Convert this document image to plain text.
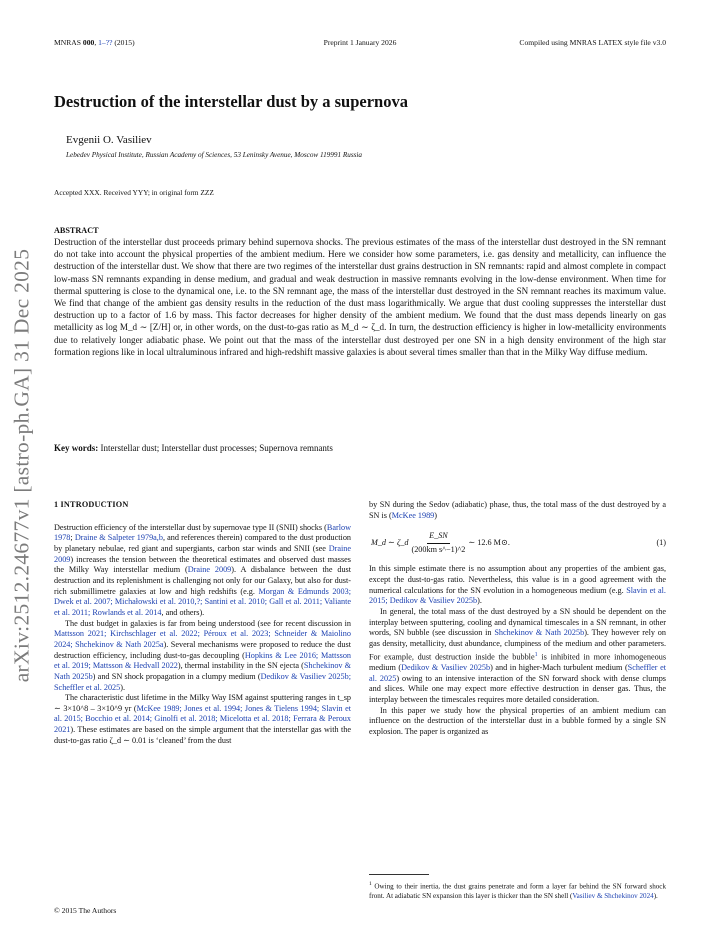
MNRAS 000, 1–?? (2015)	Preprint 1 January 2026	Compiled using MNRAS LATEX style file v3.0
Destruction of the interstellar dust by a supernova
Evgenii O. Vasiliev
Lebedev Physical Institute, Russian Academy of Sciences, 53 Leninsky Avenue, Moscow 119991 Russia
Accepted XXX. Received YYY; in original form ZZZ
arXiv:2512.24677v1 [astro-ph.GA] 31 Dec 2025
ABSTRACT
Destruction of the interstellar dust proceeds primary behind supernova shocks. The previous estimates of the mass of the interstellar dust destroyed in the SN remnant do not take into account the physical properties of the ambient medium. Here we consider how some parameters, i.e. gas density and metallicity, can influence the destruction of the interstellar dust. We show that there are two regimes of the interstellar dust grains destruction in SN remnants: rapid and almost complete in compact low-mass SN remnants expanding in dense medium, and gradual and weak destruction in massive remnants evolving in the low-dense environment. When time for thermal sputtering is close to the dynamical one, i.e. to the SN remnant age, the mass of the interstellar dust destroyed in the SN remnant reaches its maximum value. We find that change of the ambient gas density results in the reduction of the dust mass logarithmically. We argue that dust cooling suppresses the interstellar dust destruction up to a factor of 1.6 by mass. This factor decreases for higher density of the ambient medium. We found that the dust mass depends linearly on gas metallicity as log M_d ∼ [Z/H] or, in other words, on the dust-to-gas ratio as M_d ∼ ζ_d. In turn, the destruction efficiency is higher in low-metallicity environments due to relatively longer adiabatic phase. We point out that the mass of the interstellar dust destroyed per one SN in a high density environment of the high star formation regions like in local ultraluminous infrared and high-redshift massive galaxies is about several times smaller than that in the Milky Way diffuse medium.
Key words: Interstellar dust; Interstellar dust processes; Supernova remnants
1 INTRODUCTION

Destruction efficiency of the interstellar dust by supernovae type II (SNII) shocks (Barlow 1978; Draine & Salpeter 1979a,b, and references therein) compared to the dust production by planetary nebulae, red giant and supergiants, carbon star winds and SNII (see Draine 2009) increases the tension between the theoretical estimates and observed dust masses the Milky Way interstellar medium (Draine 2009). A disbalance between the dust destruction and its replenishment is challenging not only for our Galaxy, but also for dust-rich submillimetre galaxies at low and high redshifts (e.g. Morgan & Edmunds 2003; Dwek et al. 2007; Michałowski et al. 2010,?; Santini et al. 2010; Gall et al. 2011; Valiante et al. 2011; Rowlands et al. 2014, and others).

The dust budget in galaxies is far from being understood (see for recent discussion in Mattsson 2021; Kirchschlager et al. 2022; Péroux et al. 2023; Schneider & Maiolino 2024; Shchekinov & Nath 2025a). Several mechanisms were proposed to reduce the dust destruction efficiency, including dust-to-gas decoupling (Hopkins & Lee 2016; Mattsson et al. 2019; Mattsson & Hedvall 2022), thermal instability in the SN ejecta (Shchekinov & Nath 2025b) and SN shock propagation in a clumpy medium (Dedikov & Vasiliev 2025b; Scheffler et al. 2025).

The characteristic dust lifetime in the Milky Way ISM against sputtering ranges in t_sp ∼ 3×10^8 – 3×10^9 yr (McKee 1989; Jones et al. 1994; Jones & Tielens 1994; Slavin et al. 2015; Bocchio et al. 2014; Ginolfi et al. 2018; Micelotta et al. 2018; Ferrara & Peroux 2021). These estimates are based on the simple argument that the interstellar gas with the dust-to-gas ratio ζ_d ∼ 0.01 is ‘cleaned’ from the dust

by SN during the Sedov (adiabatic) phase, thus, the total mass of the dust destroyed by a SN is (McKee 1989)

M_d ∼ ζ_d $\frac{E\_SN}{\text{(200km s\textasciicircum{}−1)\textasciicircum{}2}}$ ∼ 12.6 M⊙.	(1)

In this simple estimate there is no assumption about any properties of the ambient gas, except the dust-to-gas ratio. Nevertheless, this value is in a good agreement with the numerical calculations for the SN evolution in a homogeneous medium (e.g. Slavin et al. 2015; Dedikov & Vasiliev 2025b).

In general, the total mass of the dust destroyed by a SN should be dependent on the interplay between sputtering, cooling and dynamical timescales in a SN remnant, in other words, SN bubble (see discussion in Shchekinov & Nath 2025b). They however rely on gas density, metallicity, dust abundance, clumpiness of the medium and other parameters. For example, dust destruction inside the bubble$^1$ is inhibited in more inhomogeneous medium (Dedikov & Vasiliev 2025b) and in higher-Mach turbulent medium (Scheffler et al. 2025) owing to an intensive interaction of the SN forward shock with dense clumps and slices. While one may expect more effective destruction in denser gas. Thus, the interplay between the timescales requires more detailed consideration.

In this paper we study how the physical properties of an ambient medium can influence on the destruction of the interstellar dust in a bubble formed by a single SN explosion. The paper is organized as

$^1$ Owing to their inertia, the dust grains penetrate and form a layer far behind the SN forward shock front. At adiabatic SN expansion this layer is thicker than the SN shell (Vasiliev & Shchekinov 2024).
© 2015 The Authors
